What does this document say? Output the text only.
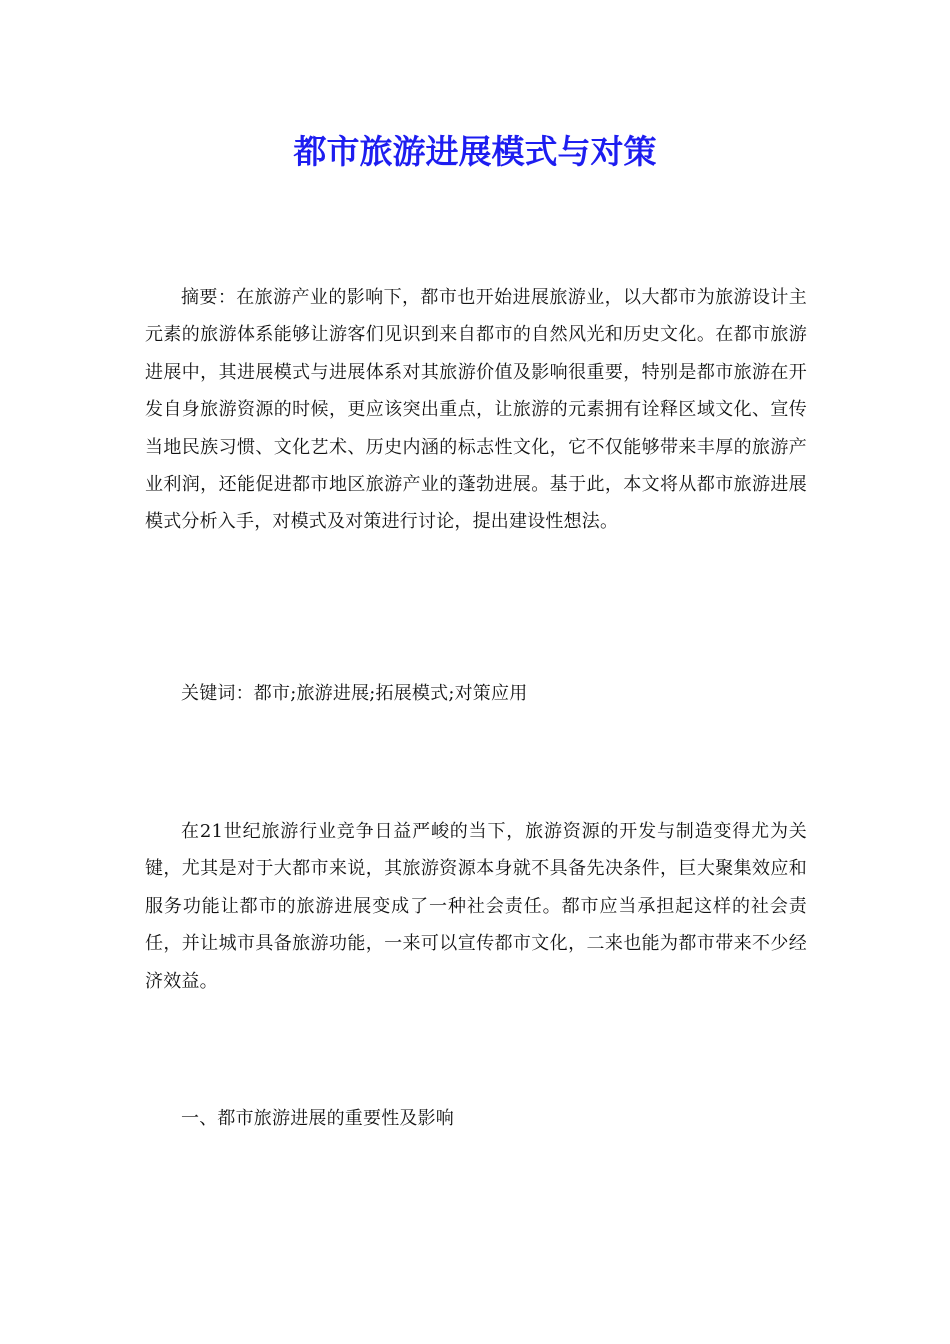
都市旅游进展模式与对策

摘要：在旅游产业的影响下，都市也开始进展旅游业，以大都市为旅游设计主元素的旅游体系能够让游客们见识到来自都市的自然风光和历史文化。在都市旅游进展中，其进展模式与进展体系对其旅游价值及影响很重要，特别是都市旅游在开发自身旅游资源的时候，更应该突出重点，让旅游的元素拥有诠释区域文化、宣传当地民族习惯、文化艺术、历史内涵的标志性文化，它不仅能够带来丰厚的旅游产业利润，还能促进都市地区旅游产业的蓬勃进展。基于此，本文将从都市旅游进展模式分析入手，对模式及对策进行讨论，提出建设性想法。

关键词：都市;旅游进展;拓展模式;对策应用

在21世纪旅游行业竞争日益严峻的当下，旅游资源的开发与制造变得尤为关键，尤其是对于大都市来说，其旅游资源本身就不具备先决条件，巨大聚集效应和服务功能让都市的旅游进展变成了一种社会责任。都市应当承担起这样的社会责任，并让城市具备旅游功能，一来可以宣传都市文化，二来也能为都市带来不少经济效益。

一、都市旅游进展的重要性及影响
